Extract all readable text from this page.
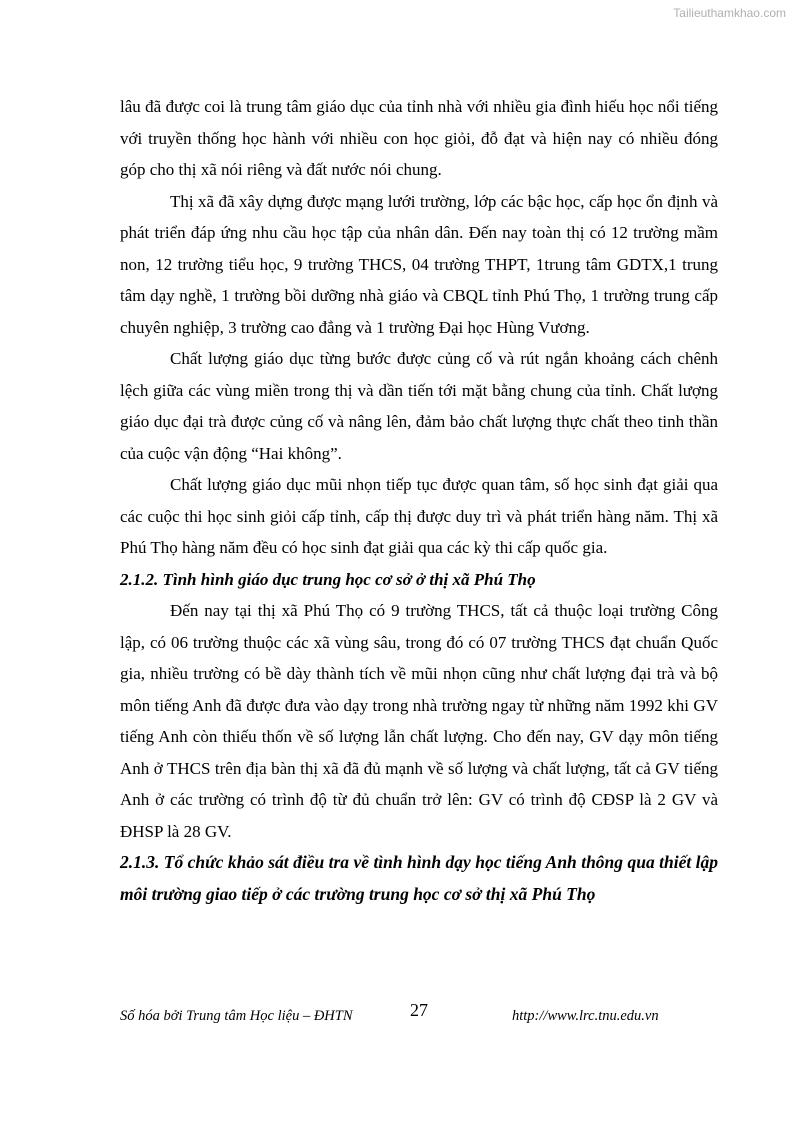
Tailieuthamkhao.com

lâu đã được coi là trung tâm giáo dục của tỉnh nhà với nhiều gia đình hiếu học nổi tiếng với truyền thống học hành với nhiều con học giỏi, đỗ đạt và hiện nay có nhiều đóng góp cho thị xã nói riêng và đất nước nói chung.

Thị xã đã xây dựng được mạng lưới trường, lớp các bậc học, cấp học ổn định và phát triển đáp ứng nhu cầu học tập của nhân dân. Đến nay toàn thị có 12 trường mầm non, 12 trường tiểu học, 9 trường THCS, 04 trường THPT, 1trung tâm GDTX,1 trung tâm dạy nghề, 1 trường bồi dưỡng nhà giáo và CBQL tỉnh Phú Thọ, 1 trường trung cấp chuyên nghiệp, 3 trường cao đẳng và 1 trường Đại học Hùng Vương.

Chất lượng giáo dục từng bước được củng cố và rút ngắn khoảng cách chênh lệch giữa các vùng miền trong thị và dần tiến tới mặt bằng chung của tỉnh. Chất lượng giáo dục đại trà được củng cố và nâng lên, đảm bảo chất lượng thực chất theo tinh thần của cuộc vận động “Hai không”.

Chất lượng giáo dục mũi nhọn tiếp tục được quan tâm, số học sinh đạt giải qua các cuộc thi học sinh giỏi cấp tỉnh, cấp thị được duy trì và phát triển hàng năm. Thị xã Phú Thọ hàng năm đều có học sinh đạt giải qua các kỳ thi cấp quốc gia.

2.1.2. Tình hình giáo dục trung học cơ sở ở thị xã Phú Thọ

Đến nay tại thị xã Phú Thọ có 9 trường THCS, tất cả thuộc loại trường Công lập, có 06 trường thuộc các xã vùng sâu, trong đó có 07 trường THCS đạt chuẩn Quốc gia, nhiều trường có bề dày thành tích về mũi nhọn cũng như chất lượng đại trà và bộ môn tiếng Anh đã được đưa vào dạy trong nhà trường ngay từ những năm 1992 khi GV tiếng Anh còn thiếu thốn về số lượng lẫn chất lượng. Cho đến nay, GV dạy môn tiếng Anh ở THCS trên địa bàn thị xã đã đủ mạnh về số lượng và chất lượng, tất cả GV tiếng Anh ở các trường có trình độ từ đủ chuẩn trở lên: GV có trình độ CĐSP là 2 GV và ĐHSP là 28 GV.

2.1.3. Tổ chức khảo sát điều tra về tình hình dạy học tiếng Anh thông qua thiết lập môi trường giao tiếp ở các trường trung học cơ sở thị xã Phú Thọ

Số hóa bởi Trung tâm Học liệu – ĐHTN	27	http://www.lrc.tnu.edu.vn
